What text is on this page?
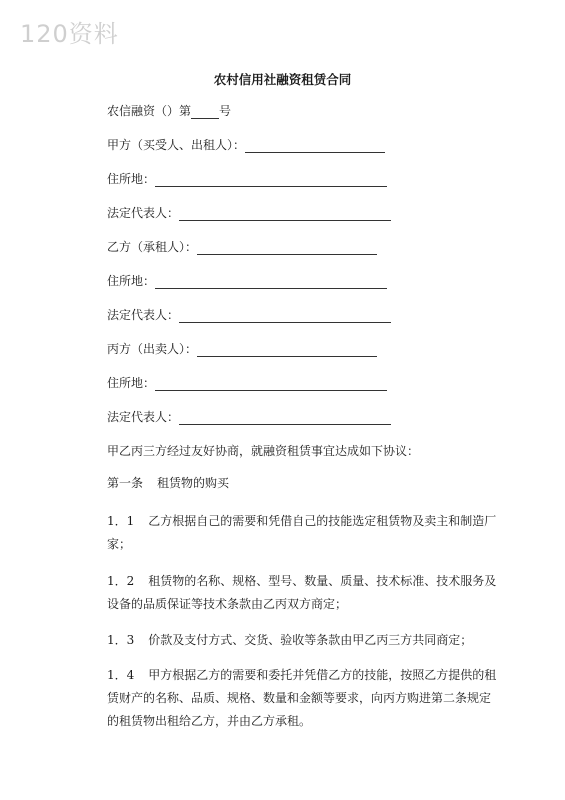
120资料
农村信用社融资租赁合同
农信融资（）第 号
甲方（买受人、出租人）：
住所地：
法定代表人：
乙方（承租人）：
住所地：
法定代表人：
丙方（出卖人）：
住所地：
法定代表人：
甲乙丙三方经过友好协商，就融资租赁事宜达成如下协议：
第一条 租赁物的购买
1．1 乙方根据自己的需要和凭借自己的技能选定租赁物及卖主和制造厂家；
1．2 租赁物的名称、规格、型号、数量、质量、技术标准、技术服务及设备的品质保证等技术条款由乙丙双方商定；
1．3 价款及支付方式、交货、验收等条款由甲乙丙三方共同商定；
1．4 甲方根据乙方的需要和委托并凭借乙方的技能，按照乙方提供的租赁财产的名称、品质、规格、数量和金额等要求，向丙方购进第二条规定的租赁物出租给乙方，并由乙方承租。
